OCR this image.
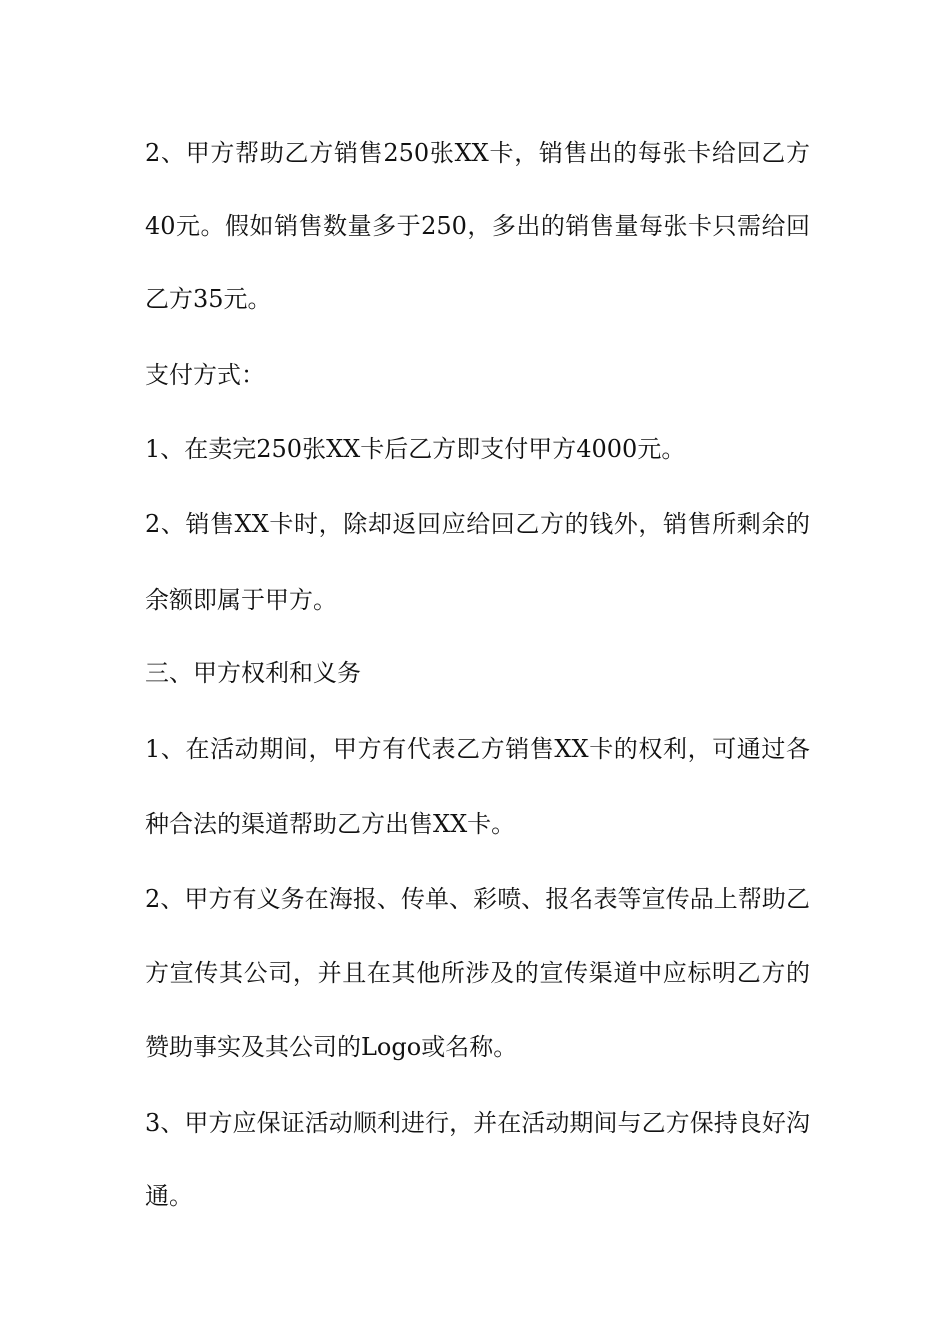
2、甲方帮助乙方销售250张XX卡，销售出的每张卡给回乙方
40元。假如销售数量多于250，多出的销售量每张卡只需给回
乙方35元。
支付方式：
1、在卖完250张XX卡后乙方即支付甲方4000元。
2、销售XX卡时，除却返回应给回乙方的钱外，销售所剩余的
余额即属于甲方。
三、甲方权利和义务
1、在活动期间，甲方有代表乙方销售XX卡的权利，可通过各
种合法的渠道帮助乙方出售XX卡。
2、甲方有义务在海报、传单、彩喷、报名表等宣传品上帮助乙
方宣传其公司，并且在其他所涉及的宣传渠道中应标明乙方的
赞助事实及其公司的Logo或名称。
3、甲方应保证活动顺利进行，并在活动期间与乙方保持良好沟
通。
